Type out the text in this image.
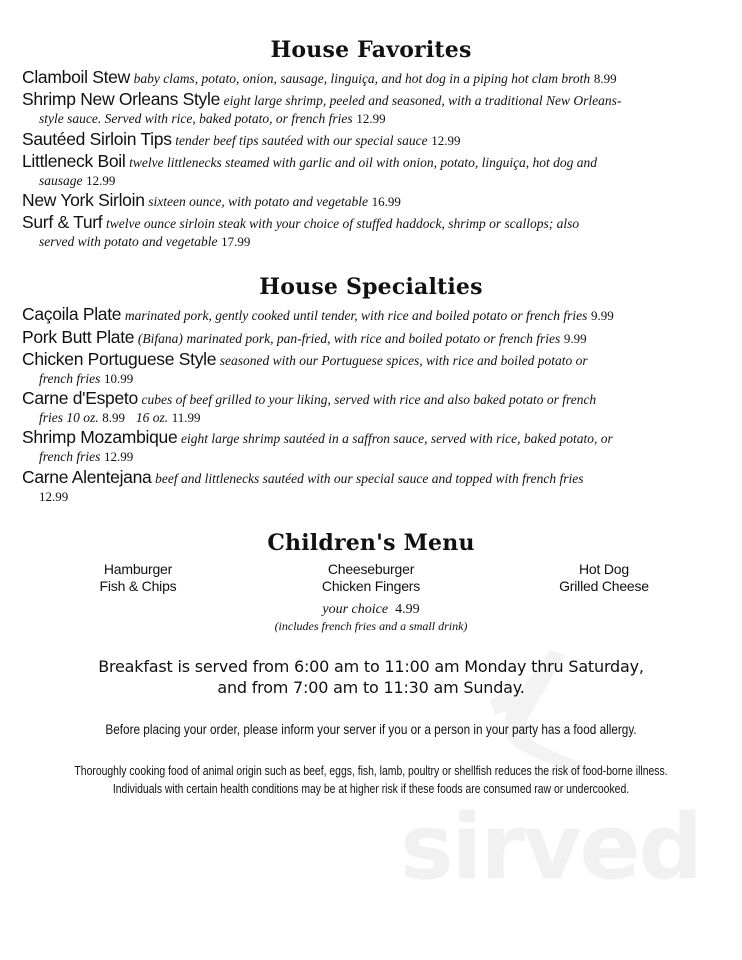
sirved
House Favorites
Clamboil Stew baby clams, potato, onion, sausage, linguiça, and hot dog in a piping hot clam broth 8.99
Shrimp New Orleans Style eight large shrimp, peeled and seasoned, with a traditional New Orleans-
style sauce. Served with rice, baked potato, or french fries 12.99
Sautéed Sirloin Tips tender beef tips sautéed with our special sauce 12.99
Littleneck Boil twelve littlenecks steamed with garlic and oil with onion, potato, linguiça, hot dog and
sausage 12.99
New York Sirloin sixteen ounce, with potato and vegetable 16.99
Surf & Turf twelve ounce sirloin steak with your choice of stuffed haddock, shrimp or scallops; also
served with potato and vegetable 17.99
House Specialties
Caçoila Plate marinated pork, gently cooked until tender, with rice and boiled potato or french fries 9.99
Pork Butt Plate (Bifana) marinated pork, pan-fried, with rice and boiled potato or french fries 9.99
Chicken Portuguese Style seasoned with our Portuguese spices, with rice and boiled potato or
french fries 10.99
Carne d'Espeto cubes of beef grilled to your liking, served with rice and also baked potato or french
fries 10 oz. 8.99 16 oz. 11.99
Shrimp Mozambique eight large shrimp sautéed in a saffron sauce, served with rice, baked potato, or
french fries 12.99
Carne Alentejana beef and littlenecks sautéed with our special sauce and topped with french fries
12.99
Children's Menu
Hamburger
Fish & Chips
Cheeseburger
Chicken Fingers
Hot Dog
Grilled Cheese
your choice 4.99
(includes french fries and a small drink)
Breakfast is served from 6:00 am to 11:00 am Monday thru Saturday,
and from 7:00 am to 11:30 am Sunday.
Before placing your order, please inform your server if you or a person in your party has a food allergy.
Thoroughly cooking food of animal origin such as beef, eggs, fish, lamb, poultry or shellfish reduces the risk of food-borne illness.
Individuals with certain health conditions may be at higher risk if these foods are consumed raw or undercooked.
